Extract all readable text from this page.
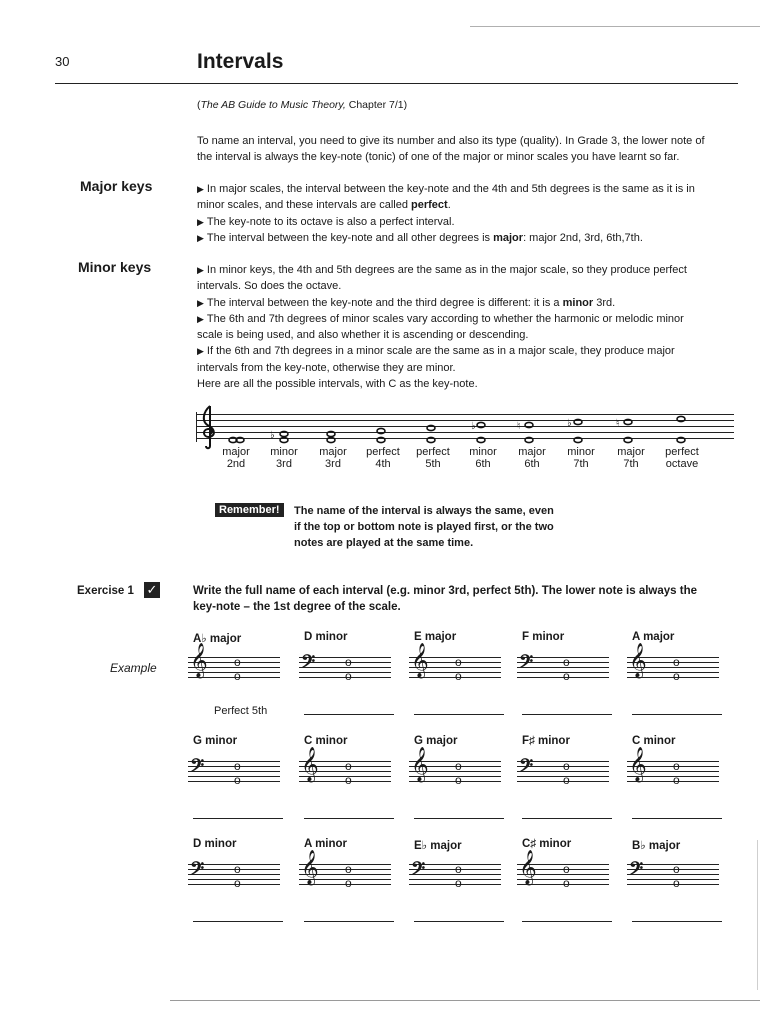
30	Intervals
(The AB Guide to Music Theory, Chapter 7/1)
To name an interval, you need to give its number and also its type (quality). In Grade 3, the lower note of
the interval is always the key-note (tonic) of one of the major or minor scales you have learnt so far.
Major keys	▶ In major scales, the interval between the key-note and the 4th and 5th degrees is the same as it is in

minor scales, and these intervals are called perfect.

▶ The key-note to its octave is also a perfect interval.

▶ The interval between the key-note and all other degrees is major: major 2nd, 3rd, 6th,7th.

Minor keys	▶ In minor keys, the 4th and 5th degrees are the same as in the major scale, so they produce perfect

intervals. So does the octave.

▶ The interval between the key-note and the third degree is different: it is a minor 3rd.

▶ The 6th and 7th degrees of minor scales vary according to whether the harmonic or melodic minor

scale is being used, and also whether it is ascending or descending.

▶ If the 6th and 7th degrees in a minor scale are the same as in a major scale, they produce major

intervals from the key-note, otherwise they are minor.

Here are all the possible intervals, with C as the key-note.

♭
♭	♮	♭	♮
major
2nd
minor
3rd
major
3rd
perfect
4th
perfect
5th
minor
6th
major
6th
minor
7th
major
7th
perfect
octave
Remember!	The name of the interval is always the same, even
if the top or bottom note is played first, or the two
notes are played at the same time.
Exercise 1 ✓	Write the full name of each interval (e.g. minor 3rd, perfect 5th). The lower note is always the
key-note – the 1st degree of the scale.
Example
A♭ major
𝄞 o
o
D minor
𝄢 o
o
E major
𝄞 o
o
F minor
𝄢 o
o
A major
𝄞 o
o
G minor
𝄢 o
o
C minor
𝄞 o
o
G major
𝄞 o
o
F♯ minor
𝄢 o
o
C minor
𝄞 o
o
D minor
𝄢 o
o
A minor
𝄞 o
o
E♭ major
𝄢 o
o
C♯ minor
𝄞 o
o
B♭ major
𝄢 o
o
Perfect 5th
